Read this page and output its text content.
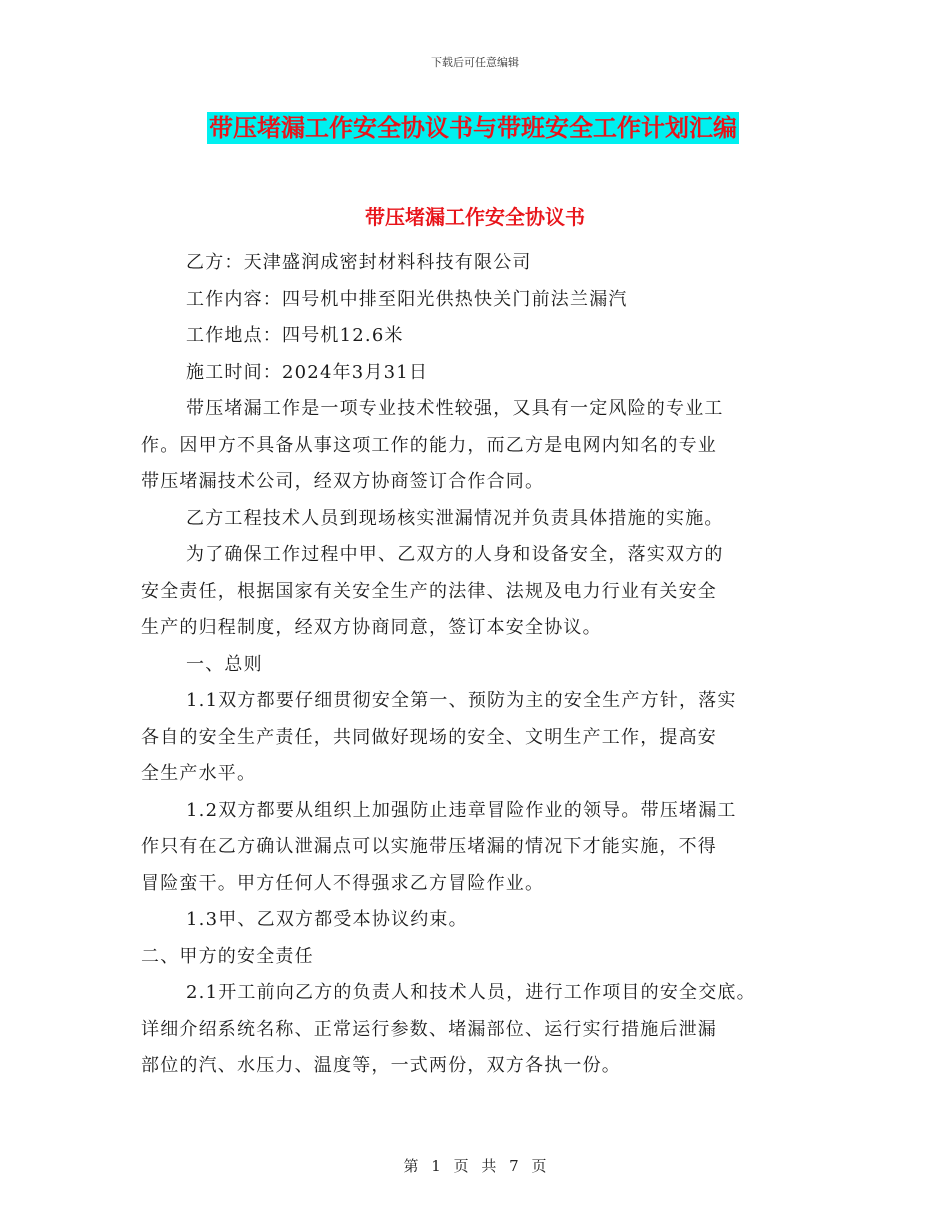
下载后可任意编辑
带压堵漏工作安全协议书与带班安全工作计划汇编
带压堵漏工作安全协议书
乙方：天津盛润成密封材料科技有限公司
工作内容：四号机中排至阳光供热快关门前法兰漏汽
工作地点：四号机12.6米
施工时间：2024年3月31日
带压堵漏工作是一项专业技术性较强，又具有一定风险的专业工
作。因甲方不具备从事这项工作的能力，而乙方是电网内知名的专业
带压堵漏技术公司，经双方协商签订合作合同。
乙方工程技术人员到现场核实泄漏情况并负责具体措施的实施。
为了确保工作过程中甲、乙双方的人身和设备安全，落实双方的
安全责任，根据国家有关安全生产的法律、法规及电力行业有关安全
生产的归程制度，经双方协商同意，签订本安全协议。
一、总则
1.1双方都要仔细贯彻安全第一、预防为主的安全生产方针，落实
各自的安全生产责任，共同做好现场的安全、文明生产工作，提高安
全生产水平。
1.2双方都要从组织上加强防止违章冒险作业的领导。带压堵漏工
作只有在乙方确认泄漏点可以实施带压堵漏的情况下才能实施，不得
冒险蛮干。甲方任何人不得强求乙方冒险作业。
1.3甲、乙双方都受本协议约束。
二、甲方的安全责任
2.1开工前向乙方的负责人和技术人员，进行工作项目的安全交底。
详细介绍系统名称、正常运行参数、堵漏部位、运行实行措施后泄漏
部位的汽、水压力、温度等，一式两份，双方各执一份。
第 1 页 共 7 页
